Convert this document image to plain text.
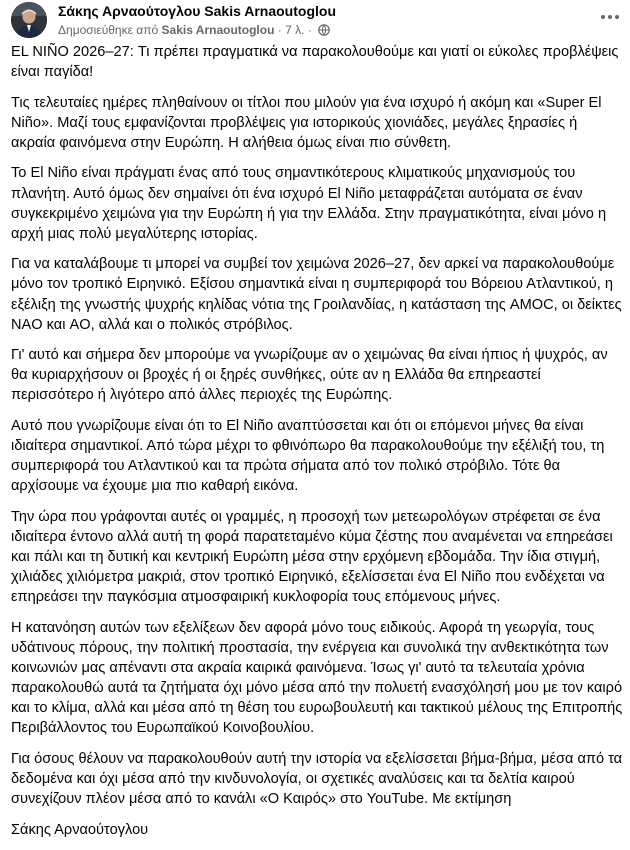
Σάκης Αρναούτογλου Sakis Arnaoutoglou
Δημοσιεύθηκε από Sakis Arnaoutoglou · 7 λ. ·

EL NIÑO 2026–27: Τι πρέπει πραγματικά να παρακολουθούμε και γιατί οι εύκολες προβλέψεις είναι παγίδα!

Τις τελευταίες ημέρες πληθαίνουν οι τίτλοι που μιλούν για ένα ισχυρό ή ακόμη και «Super El Niño». Μαζί τους εμφανίζονται προβλέψεις για ιστορικούς χιονιάδες, μεγάλες ξηρασίες ή ακραία φαινόμενα στην Ευρώπη. Η αλήθεια όμως είναι πιο σύνθετη.

Το El Niño είναι πράγματι ένας από τους σημαντικότερους κλιματικούς μηχανισμούς του πλανήτη. Αυτό όμως δεν σημαίνει ότι ένα ισχυρό El Niño μεταφράζεται αυτόματα σε έναν συγκεκριμένο χειμώνα για την Ευρώπη ή για την Ελλάδα. Στην πραγματικότητα, είναι μόνο η αρχή μιας πολύ μεγαλύτερης ιστορίας.

Για να καταλάβουμε τι μπορεί να συμβεί τον χειμώνα 2026–27, δεν αρκεί να παρακολουθούμε μόνο τον τροπικό Ειρηνικό. Εξίσου σημαντικά είναι η συμπεριφορά του Βόρειου Ατλαντικού, η εξέλιξη της γνωστής ψυχρής κηλίδας νότια της Γροιλανδίας, η κατάσταση της AMOC, οι δείκτες NAO και AO, αλλά και ο πολικός στρόβιλος.

Γι' αυτό και σήμερα δεν μπορούμε να γνωρίζουμε αν ο χειμώνας θα είναι ήπιος ή ψυχρός, αν θα κυριαρχήσουν οι βροχές ή οι ξηρές συνθήκες, ούτε αν η Ελλάδα θα επηρεαστεί περισσότερο ή λιγότερο από άλλες περιοχές της Ευρώπης.

Αυτό που γνωρίζουμε είναι ότι το El Niño αναπτύσσεται και ότι οι επόμενοι μήνες θα είναι ιδιαίτερα σημαντικοί. Από τώρα μέχρι το φθινόπωρο θα παρακολουθούμε την εξέλιξή του, τη συμπεριφορά του Ατλαντικού και τα πρώτα σήματα από τον πολικό στρόβιλο. Τότε θα αρχίσουμε να έχουμε μια πιο καθαρή εικόνα.

Την ώρα που γράφονται αυτές οι γραμμές, η προσοχή των μετεωρολόγων στρέφεται σε ένα ιδιαίτερα έντονο αλλά αυτή τη φορά παρατεταμένο κύμα ζέστης που αναμένεται να επηρεάσει και πάλι και τη δυτική και κεντρική Ευρώπη μέσα στην ερχόμενη εβδομάδα. Την ίδια στιγμή, χιλιάδες χιλιόμετρα μακριά, στον τροπικό Ειρηνικό, εξελίσσεται ένα El Niño που ενδέχεται να επηρεάσει την παγκόσμια ατμοσφαιρική κυκλοφορία τους επόμενους μήνες.

Η κατανόηση αυτών των εξελίξεων δεν αφορά μόνο τους ειδικούς. Αφορά τη γεωργία, τους υδάτινους πόρους, την πολιτική προστασία, την ενέργεια και συνολικά την ανθεκτικότητα των κοινωνιών μας απέναντι στα ακραία καιρικά φαινόμενα. Ίσως γι' αυτό τα τελευταία χρόνια παρακολουθώ αυτά τα ζητήματα όχι μόνο μέσα από την πολυετή ενασχόλησή μου με τον καιρό και το κλίμα, αλλά και μέσα από τη θέση του ευρωβουλευτή και τακτικού μέλους της Επιτροπής Περιβάλλοντος του Ευρωπαϊκού Κοινοβουλίου.

Για όσους θέλουν να παρακολουθούν αυτή την ιστορία να εξελίσσεται βήμα-βήμα, μέσα από τα δεδομένα και όχι μέσα από την κινδυνολογία, οι σχετικές αναλύσεις και τα δελτία καιρού συνεχίζουν πλέον μέσα από το κανάλι «Ο Καιρός» στο YouTube. Με εκτίμηση

Σάκης Αρναούτογλου
